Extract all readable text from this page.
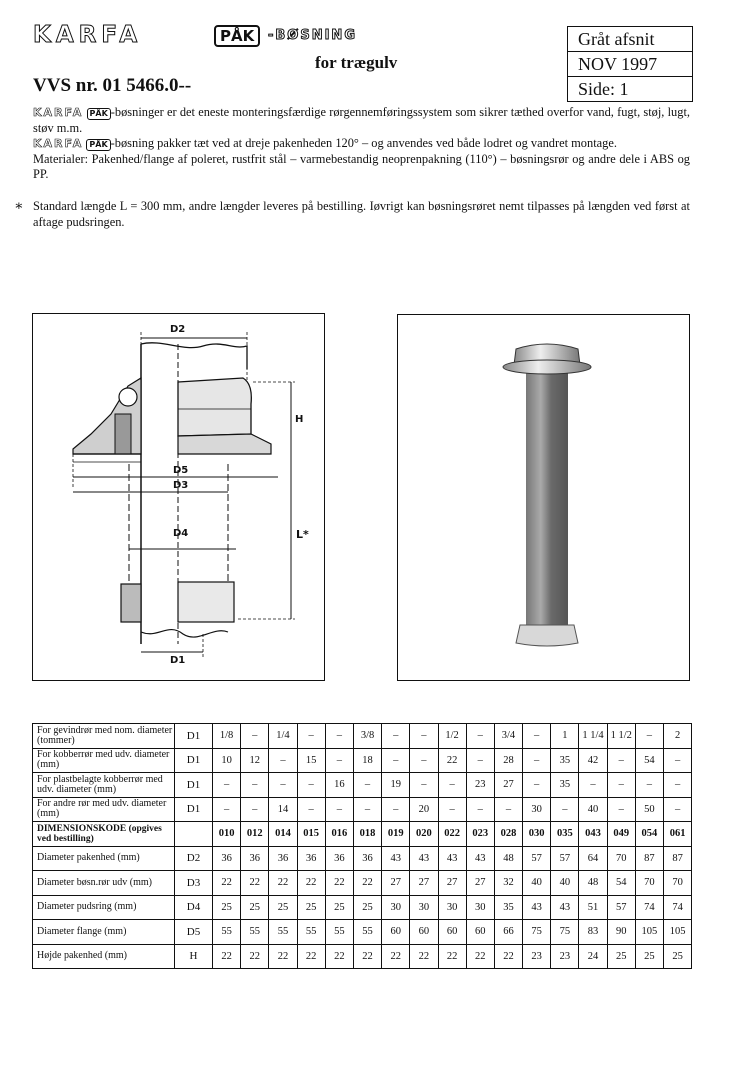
KARFA	PÅK	-BØSNING
for trægulv
VVS nr. 01 5466.0--
Gråt afsnit
NOV 1997
Side: 1
KARFA PÅK -bøsninger er det eneste monteringsfærdige rørgennemføringssystem som sikrer tæthed overfor vand, fugt, støj, lugt, støv m.m.
KARFA PÅK -bøsning pakker tæt ved at dreje pakenheden 120° – og anvendes ved både lodret og vandret montage.
Materialer: Pakenhed/flange af poleret, rustfrit stål – varmebestandig neoprenpakning (110°) – bøsningsrør og andre dele i ABS og PP.
∗ Standard længde L = 300 mm, andre længder leveres på bestilling. Iøvrigt kan bøsningsrøret nemt tilpasses på længden ved først at aftage pudsringen.
D2
H
D5
D3
D4	L*
D1
For gevindrør med nom. diameter (tommer)	D1	1/8	–	1/4	–	–	3/8	–	–	1/2	–	3/4	–	1	1 1/4	1 1/2	–	2
For kobberrør med udv. diameter (mm)	D1	10	12	–	15	–	18	–	–	22	–	28	–	35	42	–	54	–
For plastbelagte kobberrør med udv. diameter (mm)	D1	–	–	–	–	16	–	19	–	–	23	27	–	35	–	–	–	–
For andre rør med udv. diameter (mm)	D1	–	–	14	–	–	–	–	20	–	–	–	30	–	40	–	50	–
DIMENSIONSKODE (opgives ved bestilling)		010	012	014	015	016	018	019	020	022	023	028	030	035	043	049	054	061
Diameter pakenhed (mm)	D2	36	36	36	36	36	36	43	43	43	43	48	57	57	64	70	87	87
Diameter bøsn.rør udv (mm)	D3	22	22	22	22	22	22	27	27	27	27	32	40	40	48	54	70	70
Diameter pudsring (mm)	D4	25	25	25	25	25	25	30	30	30	30	35	43	43	51	57	74	74
Diameter flange (mm)	D5	55	55	55	55	55	55	60	60	60	60	66	75	75	83	90	105	105
Højde pakenhed (mm)	H	22	22	22	22	22	22	22	22	22	22	22	23	23	24	25	25	25
